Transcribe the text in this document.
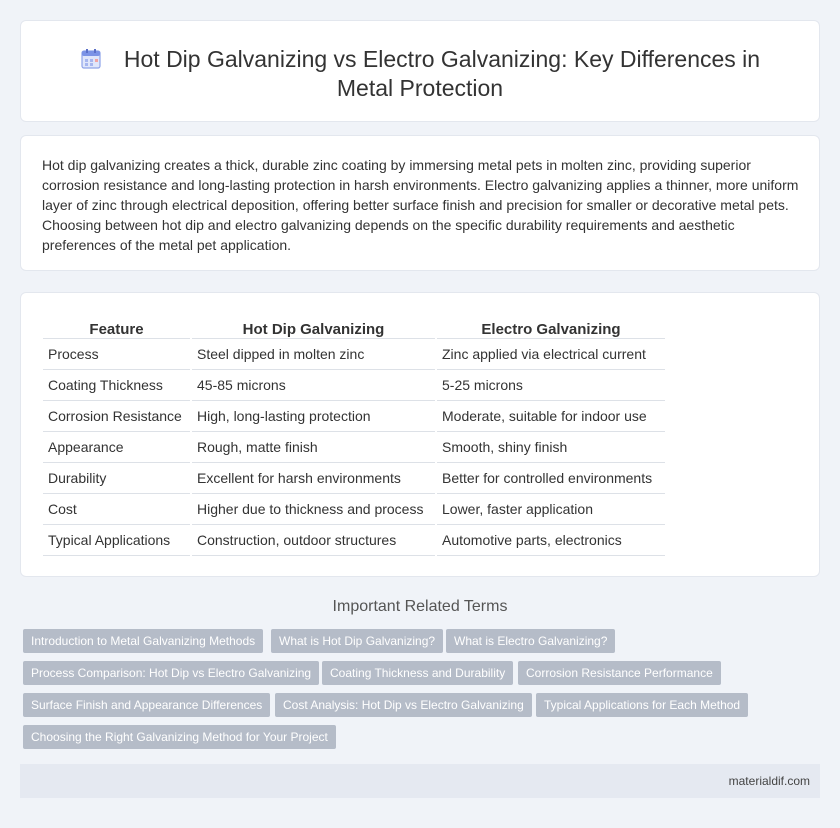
Hot Dip Galvanizing vs Electro Galvanizing: Key Differences in Metal Protection

Hot dip galvanizing creates a thick, durable zinc coating by immersing metal pets in molten zinc, providing superior corrosion resistance and long-lasting protection in harsh environments. Electro galvanizing applies a thinner, more uniform layer of zinc through electrical deposition, offering better surface finish and precision for smaller or decorative metal pets. Choosing between hot dip and electro galvanizing depends on the specific durability requirements and aesthetic preferences of the metal pet application.

Feature	Hot Dip Galvanizing	Electro Galvanizing
Process	Steel dipped in molten zinc	Zinc applied via electrical current
Coating Thickness	45-85 microns	5-25 microns
Corrosion Resistance	High, long-lasting protection	Moderate, suitable for indoor use
Appearance	Rough, matte finish	Smooth, shiny finish
Durability	Excellent for harsh environments	Better for controlled environments
Cost	Higher due to thickness and process	Lower, faster application
Typical Applications	Construction, outdoor structures	Automotive parts, electronics
Important Related Terms
Introduction to Metal Galvanizing Methods	What is Hot Dip Galvanizing?	What is Electro Galvanizing?
Process Comparison: Hot Dip vs Electro Galvanizing	Coating Thickness and Durability	Corrosion Resistance Performance
Surface Finish and Appearance Differences	Cost Analysis: Hot Dip vs Electro Galvanizing	Typical Applications for Each Method
Choosing the Right Galvanizing Method for Your Project
materialdif.com
